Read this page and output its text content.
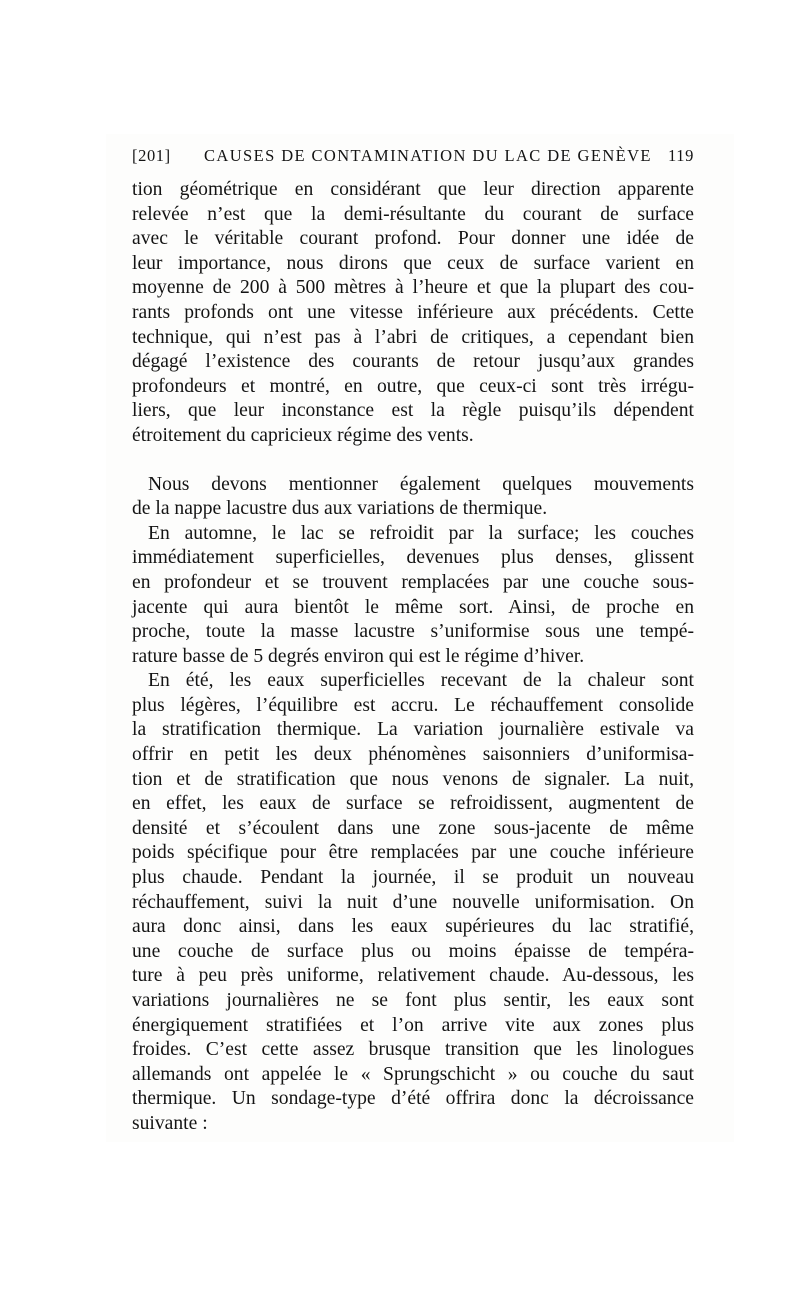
[201] CAUSES DE CONTAMINATION DU LAC DE GENÈVE 119
tion géométrique en considérant que leur direction apparente
relevée n’est que la demi-résultante du courant de surface
avec le véritable courant profond. Pour donner une idée de
leur importance, nous dirons que ceux de surface varient en
moyenne de 200 à 500 mètres à l’heure et que la plupart des cou-
rants profonds ont une vitesse inférieure aux précédents. Cette
technique, qui n’est pas à l’abri de critiques, a cependant bien
dégagé l’existence des courants de retour jusqu’aux grandes
profondeurs et montré, en outre, que ceux-ci sont très irrégu-
liers, que leur inconstance est la règle puisqu’ils dépendent
étroitement du capricieux régime des vents.
Nous devons mentionner également quelques mouvements
de la nappe lacustre dus aux variations de thermique.
En automne, le lac se refroidit par la surface; les couches
immédiatement superficielles, devenues plus denses, glissent
en profondeur et se trouvent remplacées par une couche sous-
jacente qui aura bientôt le même sort. Ainsi, de proche en
proche, toute la masse lacustre s’uniformise sous une tempé-
rature basse de 5 degrés environ qui est le régime d’hiver.
En été, les eaux superficielles recevant de la chaleur sont
plus légères, l’équilibre est accru. Le réchauffement consolide
la stratification thermique. La variation journalière estivale va
offrir en petit les deux phénomènes saisonniers d’uniformisa-
tion et de stratification que nous venons de signaler. La nuit,
en effet, les eaux de surface se refroidissent, augmentent de
densité et s’écoulent dans une zone sous-jacente de même
poids spécifique pour être remplacées par une couche inférieure
plus chaude. Pendant la journée, il se produit un nouveau
réchauffement, suivi la nuit d’une nouvelle uniformisation. On
aura donc ainsi, dans les eaux supérieures du lac stratifié,
une couche de surface plus ou moins épaisse de tempéra-
ture à peu près uniforme, relativement chaude. Au-dessous, les
variations journalières ne se font plus sentir, les eaux sont
énergiquement stratifiées et l’on arrive vite aux zones plus
froides. C’est cette assez brusque transition que les linologues
allemands ont appelée le « Sprungschicht » ou couche du saut
thermique. Un sondage-type d’été offrira donc la décroissance
suivante :
